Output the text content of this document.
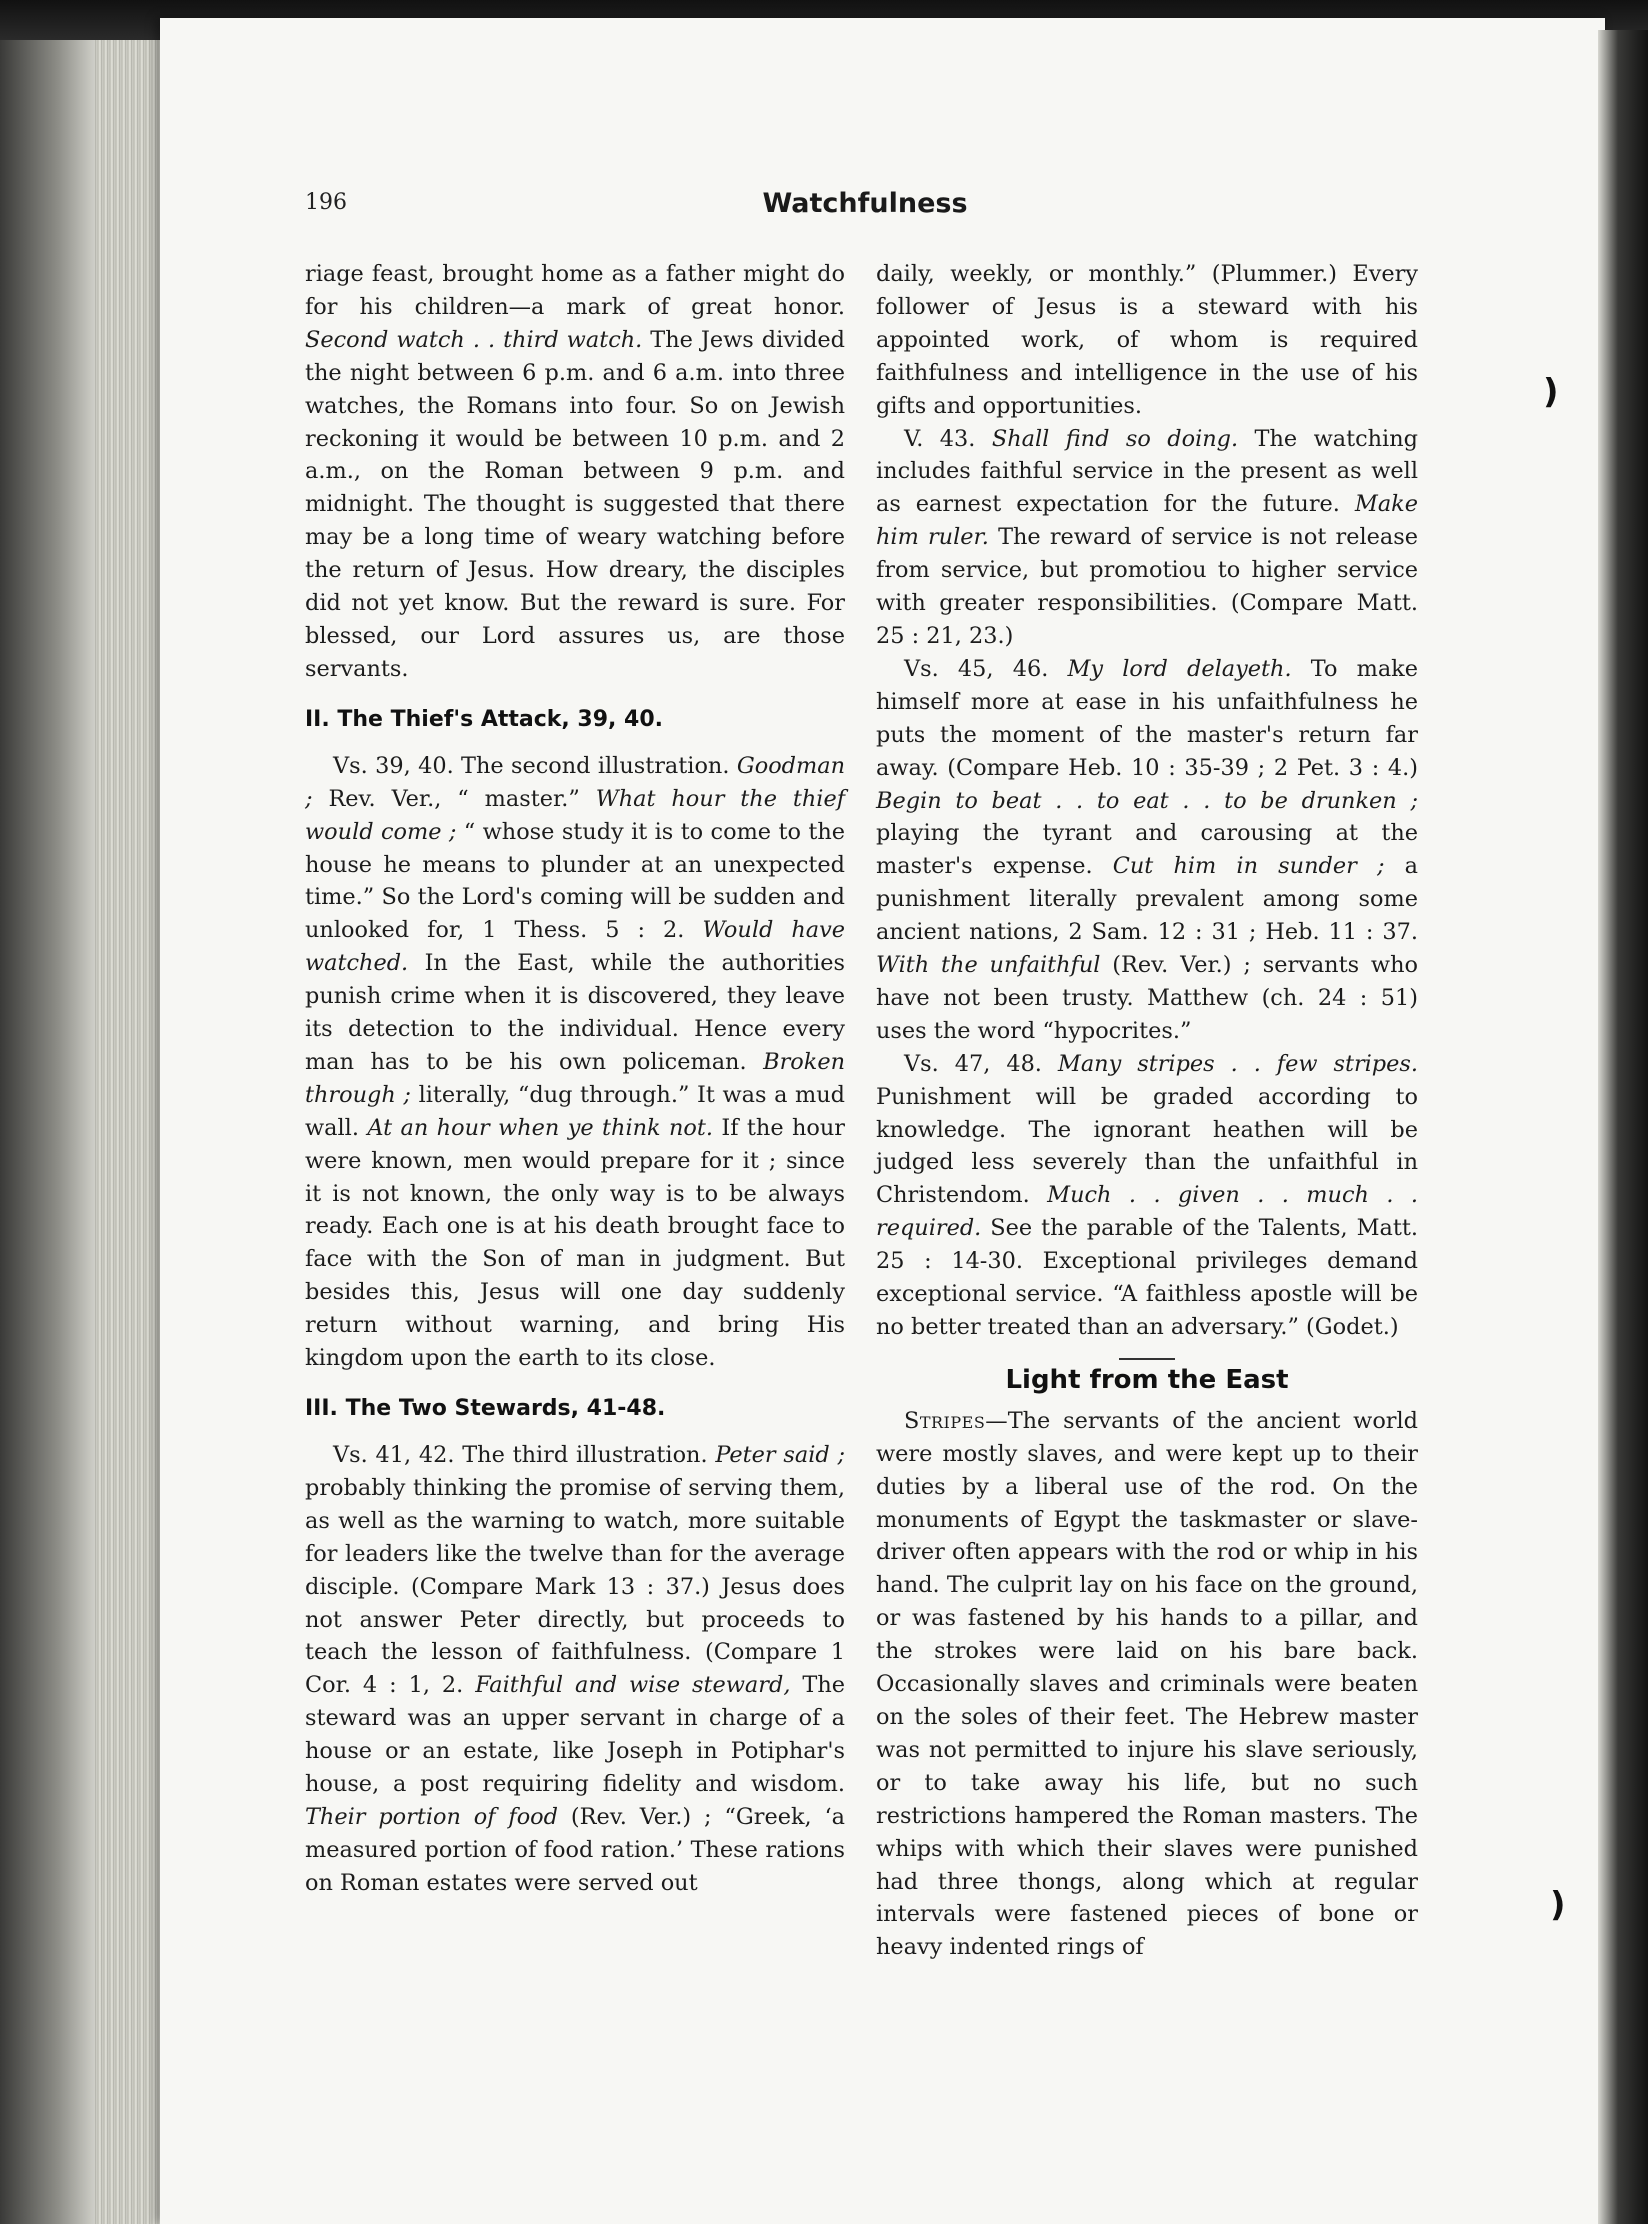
)
)
196	Watchfulness

riage feast, brought home as a father might do for his children—a mark of great honor. Second watch . . third watch. The Jews divided the night between 6 p.m. and 6 a.m. into three watches, the Romans into four. So on Jewish reckoning it would be between 10 p.m. and 2 a.m., on the Roman between 9 p.m. and midnight. The thought is suggested that there may be a long time of weary watching before the return of Jesus. How dreary, the disciples did not yet know. But the reward is sure. For blessed, our Lord assures us, are those servants.

II. The Thief's Attack, 39, 40.

Vs. 39, 40. The second illustration. Goodman ; Rev. Ver., “ master.” What hour the thief would come ; “ whose study it is to come to the house he means to plunder at an unexpected time.” So the Lord's coming will be sudden and unlooked for, 1 Thess. 5 : 2. Would have watched. In the East, while the authorities punish crime when it is discovered, they leave its detection to the individual. Hence every man has to be his own policeman. Broken through ; literally, “dug through.” It was a mud wall. At an hour when ye think not. If the hour were known, men would prepare for it ; since it is not known, the only way is to be always ready. Each one is at his death brought face to face with the Son of man in judgment. But besides this, Jesus will one day suddenly return without warning, and bring His kingdom upon the earth to its close.

III. The Two Stewards, 41-48.

Vs. 41, 42. The third illustration. Peter said ; probably thinking the promise of serving them, as well as the warning to watch, more suitable for leaders like the twelve than for the average disciple. (Compare Mark 13 : 37.) Jesus does not answer Peter directly, but proceeds to teach the lesson of faithfulness. (Compare 1 Cor. 4 : 1, 2. Faithful and wise steward, The steward was an upper servant in charge of a house or an estate, like Joseph in Potiphar's house, a post requiring fidelity and wisdom. Their portion of food (Rev. Ver.) ; “Greek, ‘a measured portion of food ration.’ These rations on Roman estates were served out

daily, weekly, or monthly.” (Plummer.) Every follower of Jesus is a steward with his appointed work, of whom is required faithfulness and intelligence in the use of his gifts and opportunities.

V. 43. Shall find so doing. The watching includes faithful service in the present as well as earnest expectation for the future. Make him ruler. The reward of service is not release from service, but promotiou to higher service with greater responsibilities. (Compare Matt. 25 : 21, 23.)

Vs. 45, 46. My lord delayeth. To make himself more at ease in his unfaithfulness he puts the moment of the master's return far away. (Compare Heb. 10 : 35-39 ; 2 Pet. 3 : 4.) Begin to beat . . to eat . . to be drunken ; playing the tyrant and carousing at the master's expense. Cut him in sunder ; a punishment literally prevalent among some ancient nations, 2 Sam. 12 : 31 ; Heb. 11 : 37. With the unfaithful (Rev. Ver.) ; servants who have not been trusty. Matthew (ch. 24 : 51) uses the word “hypocrites.”

Vs. 47, 48. Many stripes . . few stripes. Punishment will be graded according to knowledge. The ignorant heathen will be judged less severely than the unfaithful in Christendom. Much . . given . . much . . required. See the parable of the Talents, Matt. 25 : 14-30. Exceptional privileges demand exceptional service. “A faithless apostle will be no better treated than an adversary.” (Godet.)

Light from the East

Stripes—The servants of the ancient world were mostly slaves, and were kept up to their duties by a liberal use of the rod. On the monuments of Egypt the taskmaster or slave-driver often appears with the rod or whip in his hand. The culprit lay on his face on the ground, or was fastened by his hands to a pillar, and the strokes were laid on his bare back. Occasionally slaves and criminals were beaten on the soles of their feet. The Hebrew master was not permitted to injure his slave seriously, or to take away his life, but no such restrictions hampered the Roman masters. The whips with which their slaves were punished had three thongs, along which at regular intervals were fastened pieces of bone or heavy indented rings of
